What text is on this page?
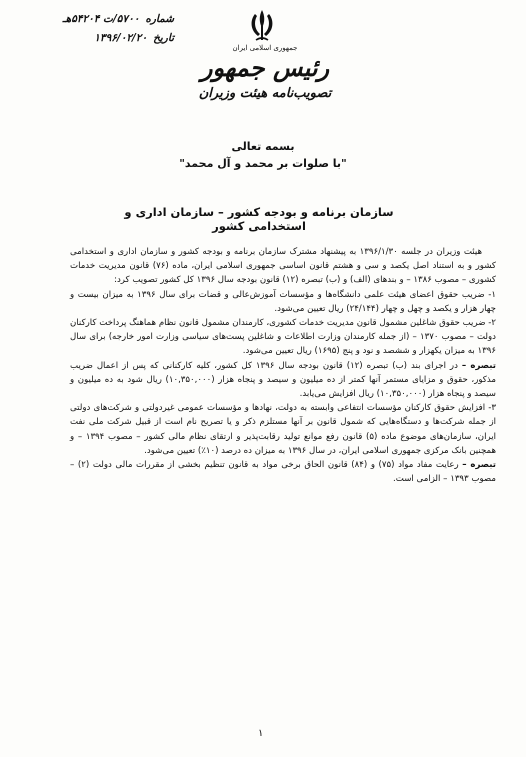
شماره
۵۷۰۰/ت ۵۴۲۰۴هـ
تاریخ
۱۳۹۶/۰۲/۲۰
جمهوری اسلامی ایران
رئیس جمهور
تصویب‌نامه هیئت وزیران
بسمه تعالی
"با صلوات بر محمد و آل محمد"
سازمان برنامه و بودجه کشور – سازمان اداری و استخدامی کشور

هیئت وزیران در جلسه ۱۳۹۶/۱/۳۰ به پیشنهاد مشترک سازمان برنامه و بودجه کشور و سازمان اداری و استخدامی کشور و به استناد اصل یکصد و سی و هشتم قانون اساسی جمهوری اسلامی ایران، ماده (۷۶) قانون مدیریت خدمات کشوری – مصوب ۱۳۸۶ – و بندهای (الف) و (ب) تبصره (۱۲) قانون بودجه سال ۱۳۹۶ کل کشور تصویب کرد:

۱- ضریب حقوق اعضای هیئت علمی دانشگاه‌ها و مؤسسات آموزش‌عالی و قضات برای سال ۱۳۹۶ به میزان بیست و چهار هزار و یکصد و چهل و چهار (۲۴/۱۴۴) ریال تعیین می‌شود.

۲- ضریب حقوق شاغلین مشمول قانون مدیریت خدمات کشوری، کارمندان مشمول قانون نظام هماهنگ پرداخت کارکنان دولت – مصوب ۱۳۷۰ – (از جمله کارمندان وزارت اطلاعات و شاغلین پست‌های سیاسی وزارت امور خارجه) برای سال ۱۳۹۶ به میزان یکهزار و ششصد و نود و پنج (۱۶۹۵) ریال تعیین می‌شود.

تبصره – در اجرای بند (ب) تبصره (۱۲) قانون بودجه سال ۱۳۹۶ کل کشور، کلیه کارکنانی که پس از اعمال ضریب مذکور، حقوق و مزایای مستمر آنها کمتر از ده میلیون و سیصد و پنجاه هزار (۱۰,۳۵۰,۰۰۰) ریال شود به ده میلیون و سیصد و پنجاه هزار (۱۰,۳۵۰,۰۰۰) ریال افزایش می‌یابد.

۳- افزایش حقوق کارکنان مؤسسات انتفاعی وابسته به دولت، نهادها و مؤسسات عمومی غیردولتی و شرکت‌های دولتی از جمله شرکت‌ها و دستگاه‌هایی که شمول قانون بر آنها مستلزم ذکر و یا تصریح نام است از قبیل شرکت ملی نفت ایران، سازمان‌های موضوع ماده (۵) قانون رفع موانع تولید رقابت‌پذیر و ارتقای نظام مالی کشور – مصوب ۱۳۹۴ – و همچنین بانک مرکزی جمهوری اسلامی ایران، در سال ۱۳۹۶ به میزان ده درصد (۱۰٪) تعیین می‌شود.

تبصره – رعایت مفاد مواد (۷۵) و (۸۴) قانون الحاق برخی مواد به قانون تنظیم بخشی از مقررات مالی دولت (۲) – مصوب ۱۳۹۳ – الزامی است.

۱
